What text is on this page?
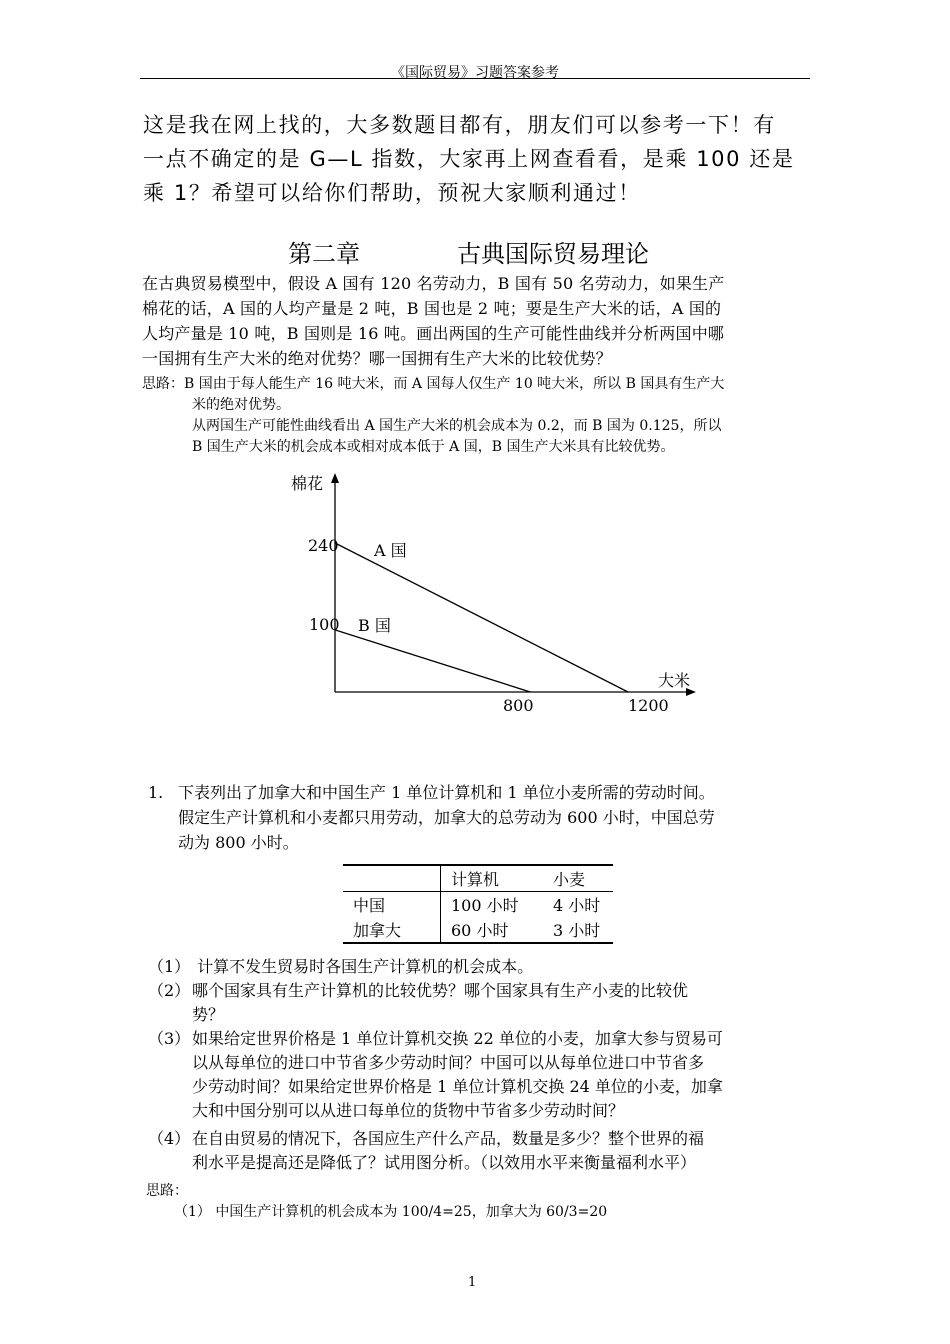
《国际贸易》习题答案参考
这是我在网上找的，大多数题目都有，朋友们可以参考一下！有
一点不确定的是 G—L 指数，大家再上网查看看，是乘 100 还是
乘 1？希望可以给你们帮助，预祝大家顺利通过！
第二章	古典国际贸易理论
在古典贸易模型中，假设 A 国有 120 名劳动力，B 国有 50 名劳动力，如果生产
棉花的话，A 国的人均产量是 2 吨，B 国也是 2 吨；要是生产大米的话，A 国的
人均产量是 10 吨，B 国则是 16 吨。画出两国的生产可能性曲线并分析两国中哪
一国拥有生产大米的绝对优势？哪一国拥有生产大米的比较优势？
思路：B 国由于每人能生产 16 吨大米，而 A 国每人仅生产 10 吨大米，所以 B 国具有生产大
米的绝对优势。
从两国生产可能性曲线看出 A 国生产大米的机会成本为 0.2，而 B 国为 0.125，所以
B 国生产大米的机会成本或相对成本低于 A 国，B 国生产大米具有比较优势。
棉花
大米
240
100
800	1200
A 国
B 国
1. 下表列出了加拿大和中国生产 1 单位计算机和 1 单位小麦所需的劳动时间。
假定生产计算机和小麦都只用劳动，加拿大的总劳动为 600 小时，中国总劳
动为 800 小时。
	计算机	小麦
中国	100 小时	4 小时
加拿大	60 小时	3 小时
（1） 计算不发生贸易时各国生产计算机的机会成本。
（2） 哪个国家具有生产计算机的比较优势？哪个国家具有生产小麦的比较优
势？
（3） 如果给定世界价格是 1 单位计算机交换 22 单位的小麦，加拿大参与贸易可
以从每单位的进口中节省多少劳动时间？中国可以从每单位进口中节省多
少劳动时间？如果给定世界价格是 1 单位计算机交换 24 单位的小麦，加拿
大和中国分别可以从进口每单位的货物中节省多少劳动时间？
（4） 在自由贸易的情况下，各国应生产什么产品，数量是多少？整个世界的福
利水平是提高还是降低了？试用图分析。（以效用水平来衡量福利水平）
思路：
（1） 中国生产计算机的机会成本为 100/4=25，加拿大为 60/3=20
1
